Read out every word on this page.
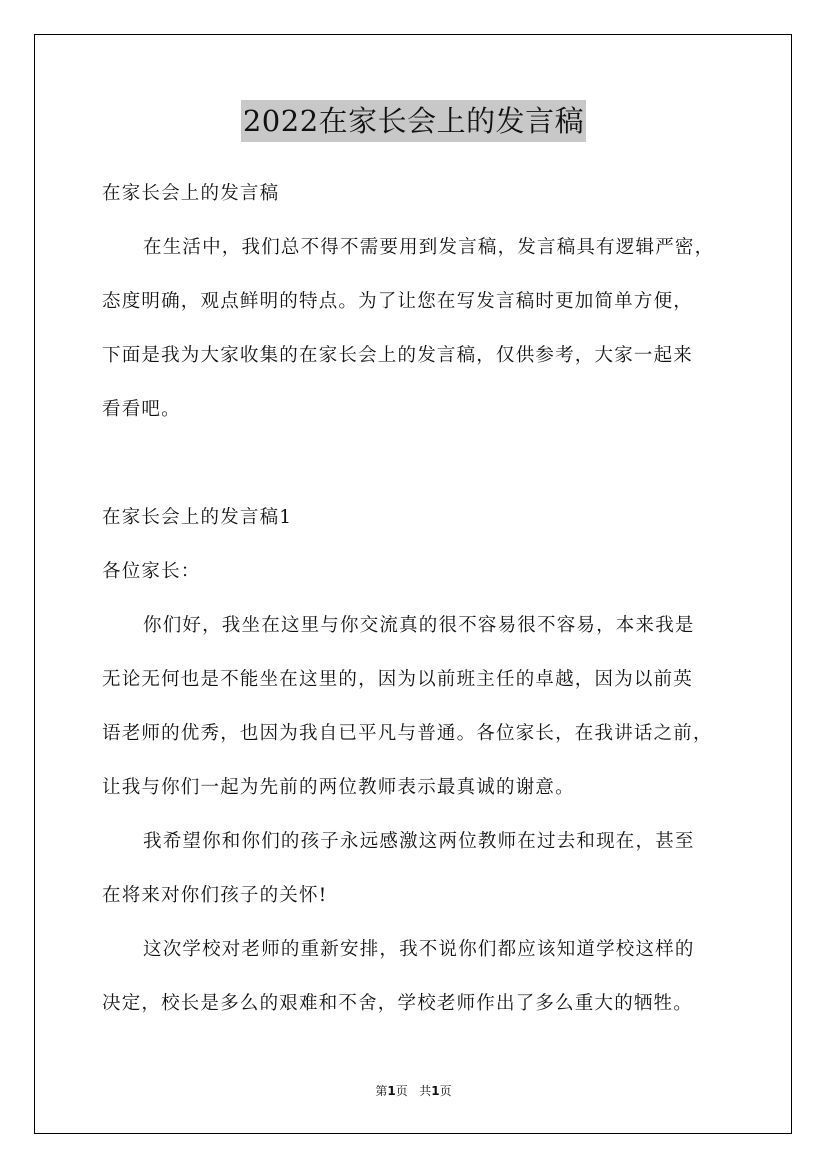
2022在家长会上的发言稿
在家长会上的发言稿
在生活中，我们总不得不需要用到发言稿，发言稿具有逻辑严密，
态度明确，观点鲜明的特点。为了让您在写发言稿时更加简单方便，
下面是我为大家收集的在家长会上的发言稿，仅供参考，大家一起来
看看吧。
在家长会上的发言稿1
各位家长：
你们好，我坐在这里与你交流真的很不容易很不容易，本来我是
无论无何也是不能坐在这里的，因为以前班主任的卓越，因为以前英
语老师的优秀，也因为我自已平凡与普通。各位家长，在我讲话之前，
让我与你们一起为先前的两位教师表示最真诚的谢意。
我希望你和你们的孩子永远感激这两位教师在过去和现在，甚至
在将来对你们孩子的关怀!
这次学校对老师的重新安排，我不说你们都应该知道学校这样的
决定，校长是多么的艰难和不舍，学校老师作出了多么重大的牺牲。
第1页 共1页
